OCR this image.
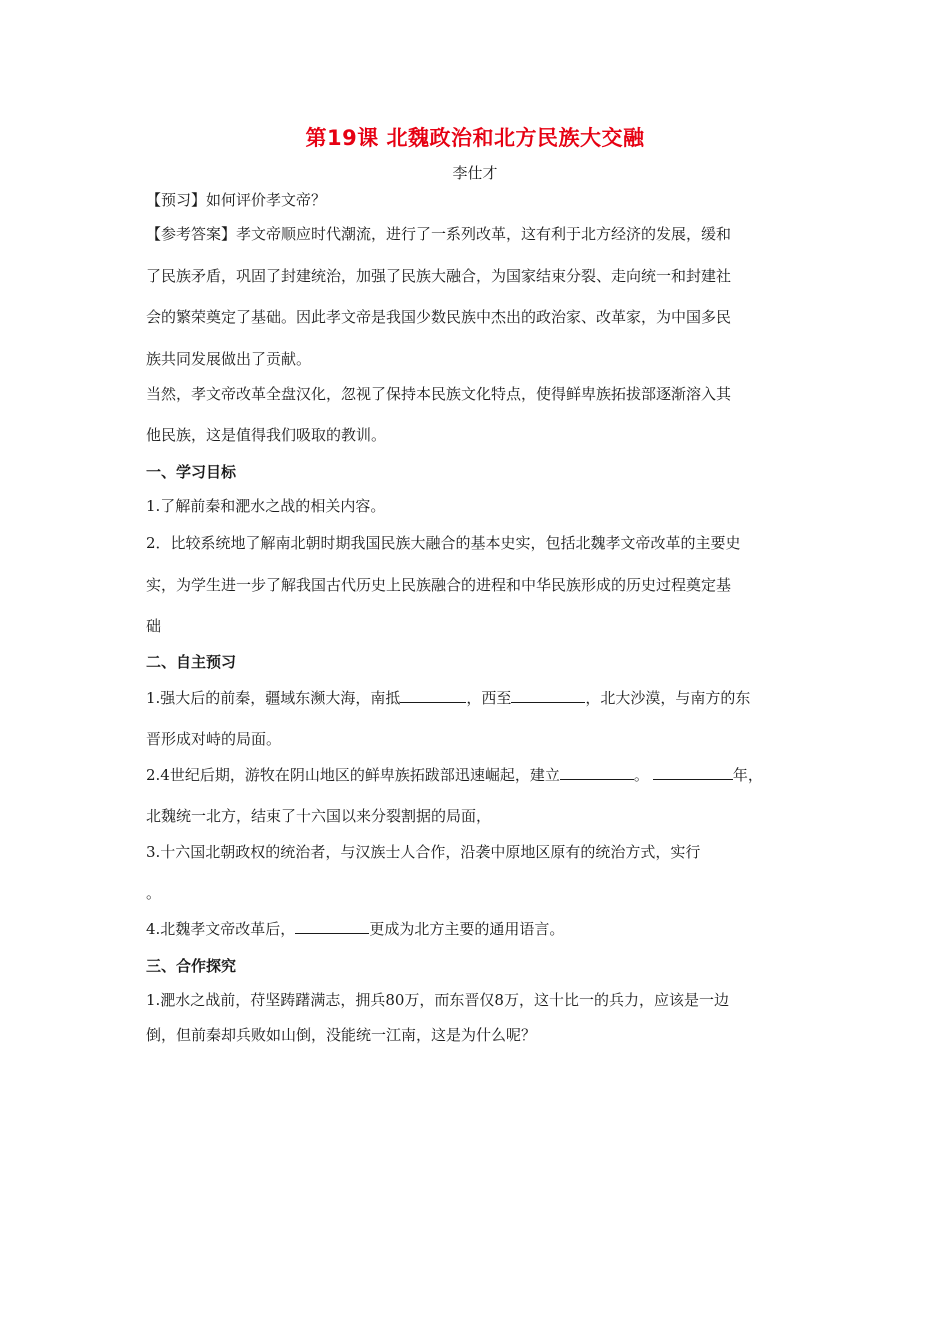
第19课 北魏政治和北方民族大交融
李仕才
【预习】如何评价孝文帝？
【参考答案】孝文帝顺应时代潮流，进行了一系列改革，这有利于北方经济的发展，缓和
了民族矛盾，巩固了封建统治，加强了民族大融合，为国家结束分裂、走向统一和封建社
会的繁荣奠定了基础。因此孝文帝是我国少数民族中杰出的政治家、改革家，为中国多民
族共同发展做出了贡献。
当然，孝文帝改革全盘汉化，忽视了保持本民族文化特点，使得鲜卑族拓拔部逐渐溶入其
他民族，这是值得我们吸取的教训。
一、学习目标
1.了解前秦和淝水之战的相关内容。
2．比较系统地了解南北朝时期我国民族大融合的基本史实，包括北魏孝文帝改革的主要史
实，为学生进一步了解我国古代历史上民族融合的进程和中华民族形成的历史过程奠定基
础
二、自主预习
1.强大后的前秦，疆域东濒大海，南抵	，西至	，北大沙漠，与南方的东
晋形成对峙的局面。
2.4世纪后期，游牧在阴山地区的鲜卑族拓跋部迅速崛起，建立	。	年，
北魏统一北方，结束了十六国以来分裂割据的局面，
3.十六国北朝政权的统治者，与汉族士人合作，沿袭中原地区原有的统治方式，实行
。
4.北魏孝文帝改革后，	更成为北方主要的通用语言。
三、合作探究
1.淝水之战前，苻坚踌躇满志，拥兵80万，而东晋仅8万，这十比一的兵力，应该是一边
倒，但前秦却兵败如山倒，没能统一江南，这是为什么呢？
